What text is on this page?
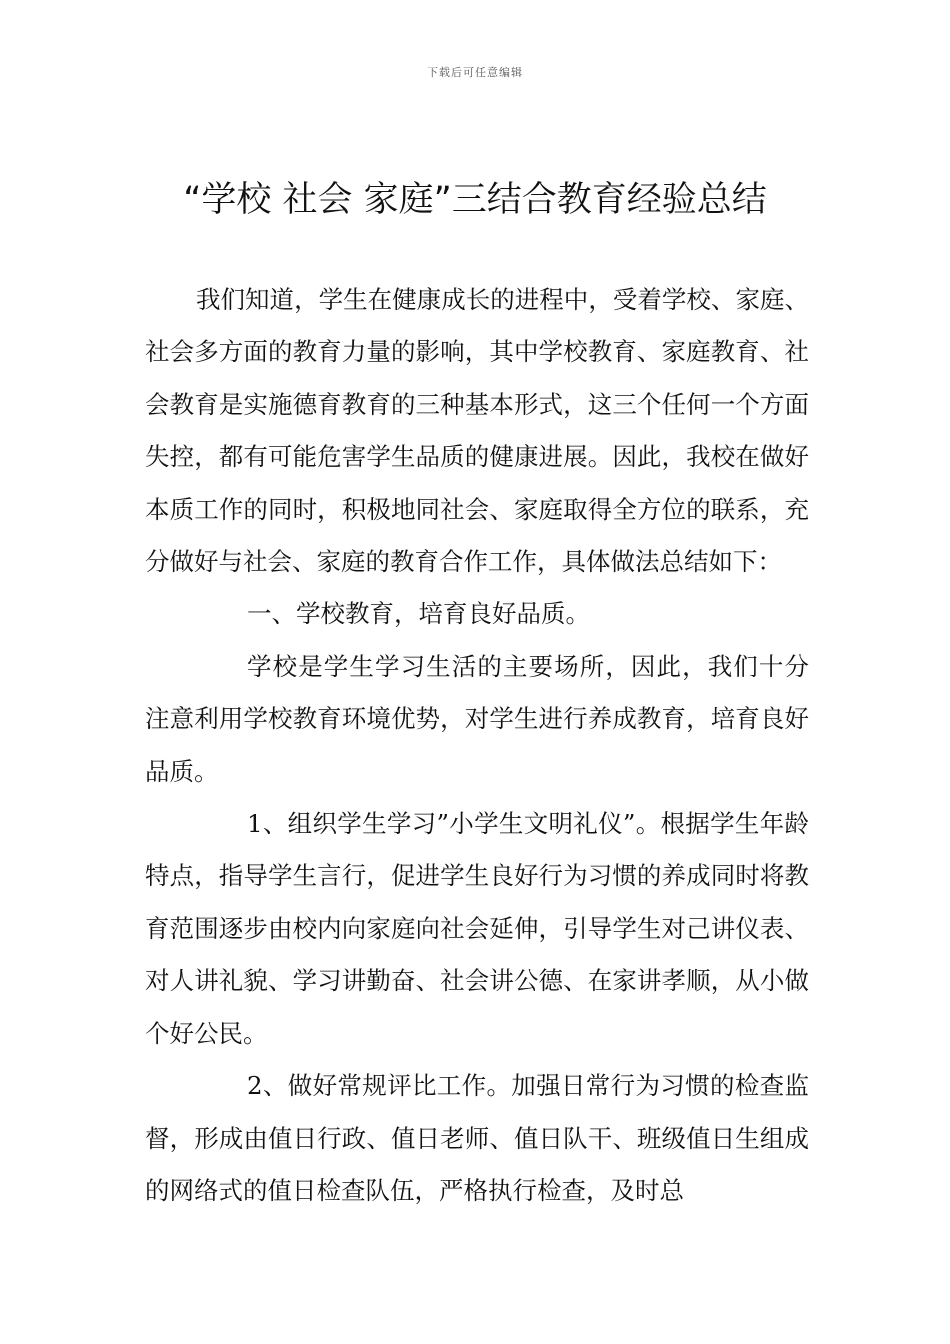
下载后可任意编辑
“学校 社会 家庭”三结合教育经验总结

我们知道，学生在健康成长的进程中，受着学校、家庭、社会多方面的教育力量的影响，其中学校教育、家庭教育、社会教育是实施德育教育的三种基本形式，这三个任何一个方面失控，都有可能危害学生品质的健康进展。因此，我校在做好本质工作的同时，积极地同社会、家庭取得全方位的联系，充分做好与社会、家庭的教育合作工作，具体做法总结如下：

一、学校教育，培育良好品质。

学校是学生学习生活的主要场所，因此，我们十分注意利用学校教育环境优势，对学生进行养成教育，培育良好品质。

1、组织学生学习”小学生文明礼仪”。根据学生年龄特点，指导学生言行，促进学生良好行为习惯的养成同时将教育范围逐步由校内向家庭向社会延伸，引导学生对己讲仪表、对人讲礼貌、学习讲勤奋、社会讲公德、在家讲孝顺，从小做个好公民。

2、做好常规评比工作。加强日常行为习惯的检查监督，形成由值日行政、值日老师、值日队干、班级值日生组成的网络式的值日检查队伍，严格执行检查，及时总
